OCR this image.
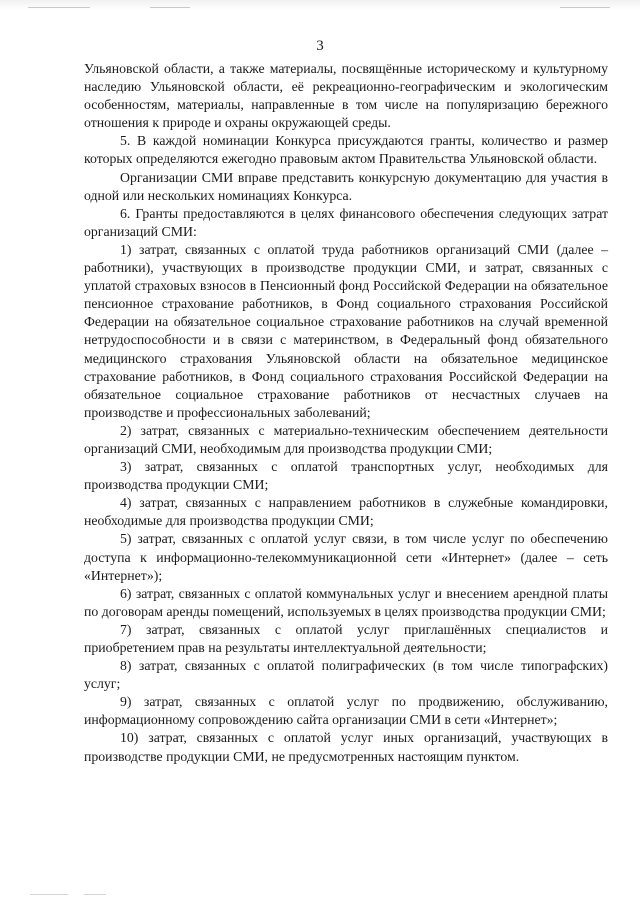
3

Ульяновской области, а также материалы, посвящённые историческому и культурному наследию Ульяновской области, её рекреационно-географическим и экологическим особенностям, материалы, направленные в том числе на популяризацию бережного отношения к природе и охраны окружающей среды.

5. В каждой номинации Конкурса присуждаются гранты, количество и размер которых определяются ежегодно правовым актом Правительства Ульяновской области.

Организации СМИ вправе представить конкурсную документацию для участия в одной или нескольких номинациях Конкурса.

6. Гранты предоставляются в целях финансового обеспечения следующих затрат организаций СМИ:

1) затрат, связанных с оплатой труда работников организаций СМИ (далее – работники), участвующих в производстве продукции СМИ, и затрат, связанных с уплатой страховых взносов в Пенсионный фонд Российской Федерации на обязательное пенсионное страхование работников, в Фонд социального страхования Российской Федерации на обязательное социальное страхование работников на случай временной нетрудоспособности и в связи с материнством, в Федеральный фонд обязательного медицинского страхования Ульяновской области на обязательное медицинское страхование работников, в Фонд социального страхования Российской Федерации на обязательное социальное страхование работников от несчастных случаев на производстве и профессиональных заболеваний;

2) затрат, связанных с материально-техническим обеспечением деятельности организаций СМИ, необходимым для производства продукции СМИ;

3) затрат, связанных с оплатой транспортных услуг, необходимых для производства продукции СМИ;

4) затрат, связанных с направлением работников в служебные командировки, необходимые для производства продукции СМИ;

5) затрат, связанных с оплатой услуг связи, в том числе услуг по обеспечению доступа к информационно-телекоммуникационной сети «Интернет» (далее – сеть «Интернет»);

6) затрат, связанных с оплатой коммунальных услуг и внесением арендной платы по договорам аренды помещений, используемых в целях производства продукции СМИ;

7) затрат, связанных с оплатой услуг приглашённых специалистов и приобретением прав на результаты интеллектуальной деятельности;

8) затрат, связанных с оплатой полиграфических (в том числе типографских) услуг;

9) затрат, связанных с оплатой услуг по продвижению, обслуживанию, информационному сопровождению сайта организации СМИ в сети «Интернет»;

10) затрат, связанных с оплатой услуг иных организаций, участвующих в производстве продукции СМИ, не предусмотренных настоящим пунктом.
